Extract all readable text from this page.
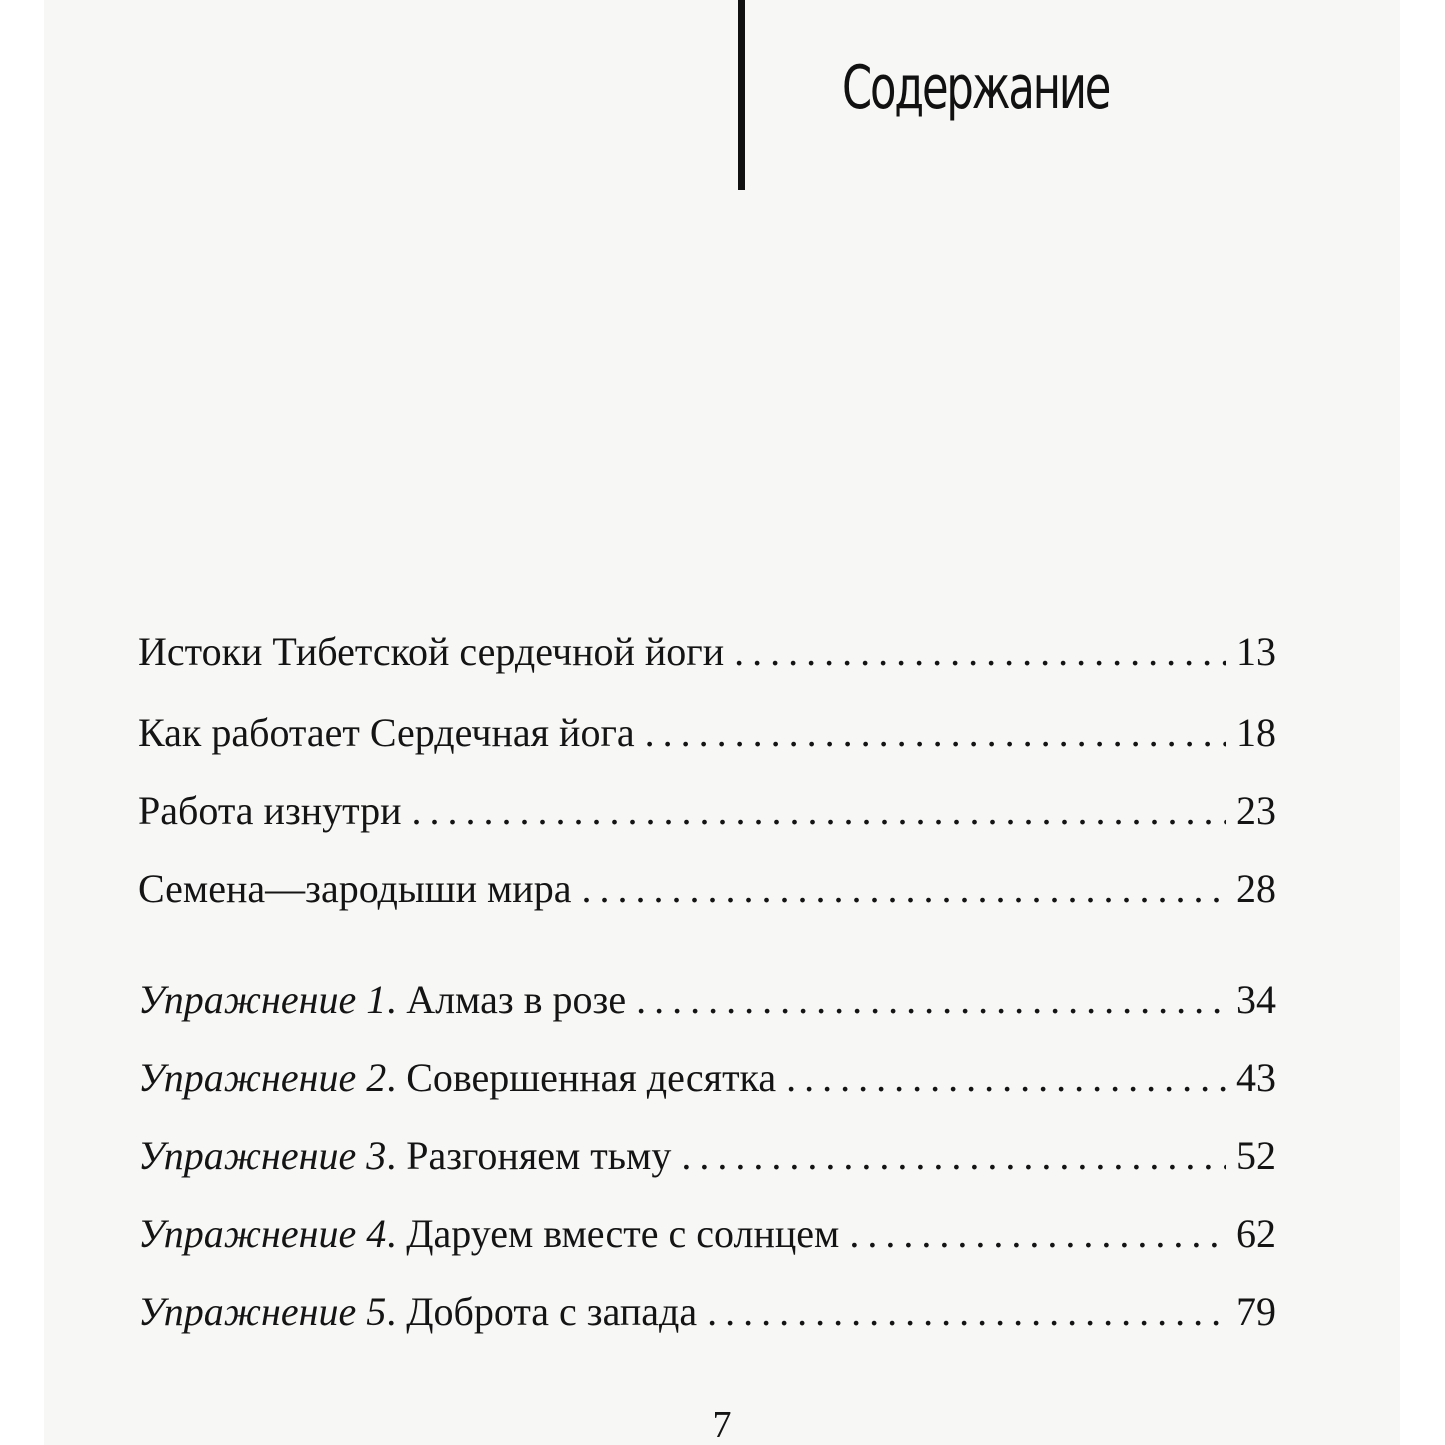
Содержание
Истоки Тибетской сердечной йоги . . .	13
Как работает Сердечная йога . . .	18
Работа изнутри . . .	23
Семена—зародыши мира . . .	28
Упражнение 1 . Алмаз в розе . . .	34
Упражнение 2 . Совершенная десятка . . .	43
Упражнение 3 . Разгоняем тьму . . .	52
Упражнение 4 . Даруем вместе с солнцем . . .	62
Упражнение 5 . Доброта с запада . . .	79
7
